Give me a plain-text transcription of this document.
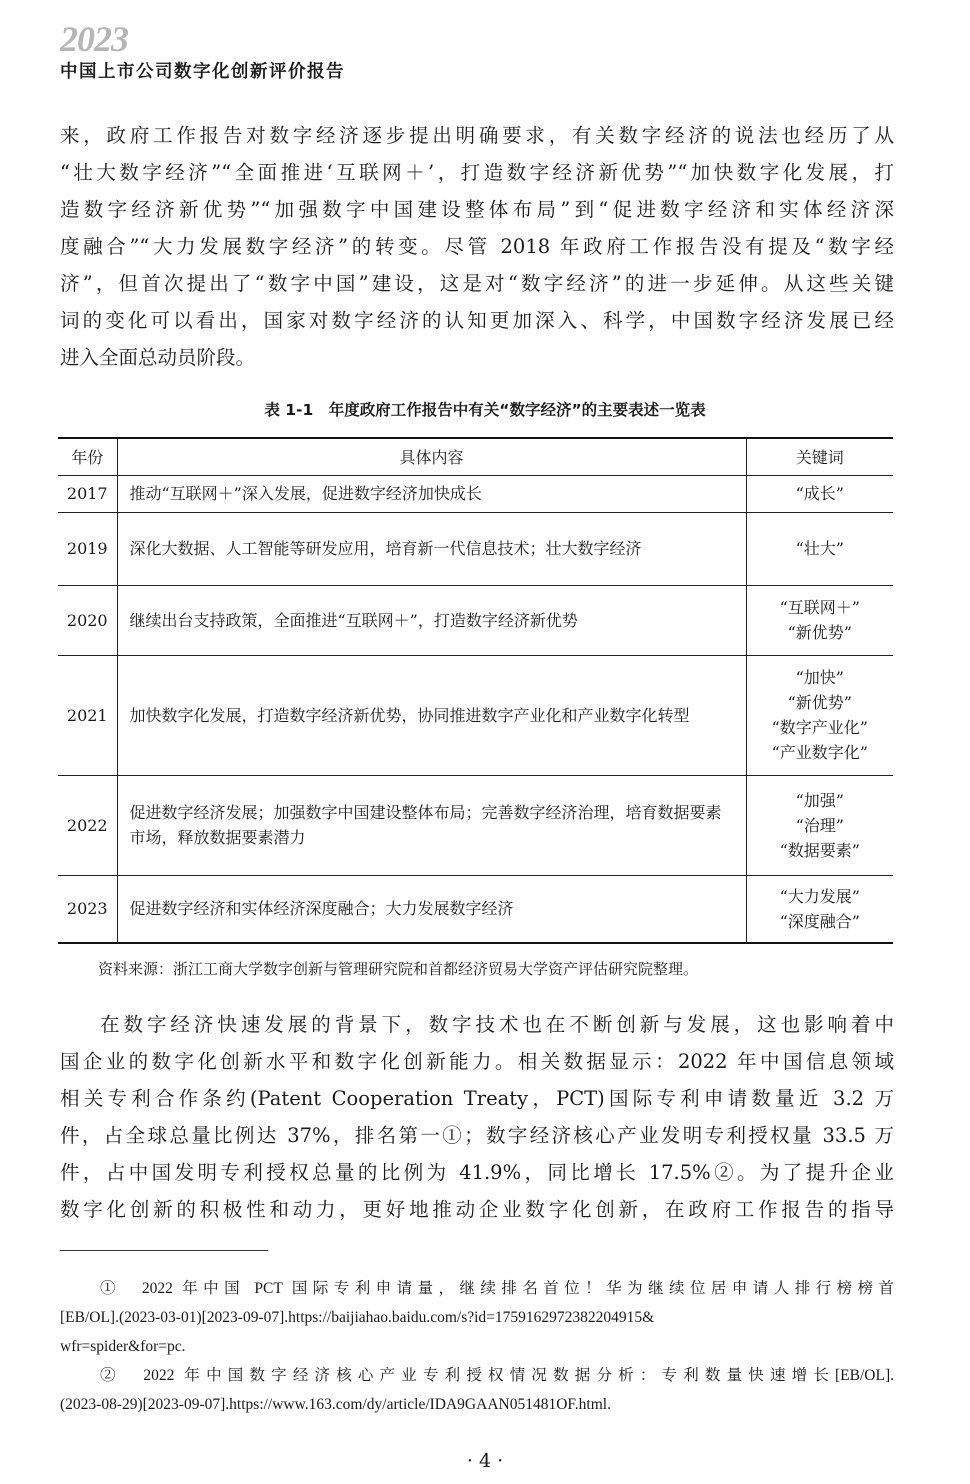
2023
中国上市公司数字化创新评价报告
来，政府工作报告对数字经济逐步提出明确要求，有关数字经济的说法也经历了从
“壮大数字经济”“全面推进‘互联网＋’，打造数字经济新优势”“加快数字化发展，打
造数字经济新优势”“加强数字中国建设整体布局”到“促进数字经济和实体经济深
度融合”“大力发展数字经济”的转变。尽管 2018 年政府工作报告没有提及“数字经
济”，但首次提出了“数字中国”建设，这是对“数字经济”的进一步延伸。从这些关键
词的变化可以看出，国家对数字经济的认知更加深入、科学，中国数字经济发展已经
进入全面总动员阶段。
表 1-1　年度政府工作报告中有关“数字经济”的主要表述一览表
年份	具体内容	关键词
2017	推动“互联网＋”深入发展，促进数字经济加快成长	“成长”

2019	深化大数据、人工智能等研发应用，培育新一代信息技术；壮大数字经济	“壮大”

2020	继续出台支持政策，全面推进“互联网＋”，打造数字经济新优势	“互联网＋”
“新优势”

2021	加快数字化发展，打造数字经济新优势，协同推进数字产业化和产业数字化转型	“加快”
“新优势”
“数字产业化”
“产业数字化”

2022	促进数字经济发展；加强数字中国建设整体布局；完善数字经济治理，培育数据要素市场，释放数据要素潜力	“加强”
“治理”
“数据要素”

2023	促进数字经济和实体经济深度融合；大力发展数字经济	“大力发展”
“深度融合”
资料来源：浙江工商大学数字创新与管理研究院和首都经济贸易大学资产评估研究院整理。
在数字经济快速发展的背景下，数字技术也在不断创新与发展，这也影响着中
国企业的数字化创新水平和数字化创新能力。相关数据显示：2022 年中国信息领域
相关专利合作条约(Patent Cooperation Treaty，PCT)国际专利申请数量近 3.2 万
件，占全球总量比例达 37%，排名第一①；数字经济核心产业发明专利授权量 33.5 万
件，占中国发明专利授权总量的比例为 41.9%，同比增长 17.5%②。为了提升企业
数字化创新的积极性和动力，更好地推动企业数字化创新，在政府工作报告的指导
①　2022 年中国 PCT 国际专利申请量，继续排名首位！华为继续位居申请人排行榜榜首
[EB/OL].(2023-03-01)[2023-09-07].https://baijiahao.baidu.com/s?id=1759162972382204915&
wfr=spider&for=pc.
②　2022 年中国数字经济核心产业专利授权情况数据分析：专利数量快速增长[EB/OL].
(2023-08-29)[2023-09-07].https://www.163.com/dy/article/IDA9GAAN051481OF.html.
· 4 ·
